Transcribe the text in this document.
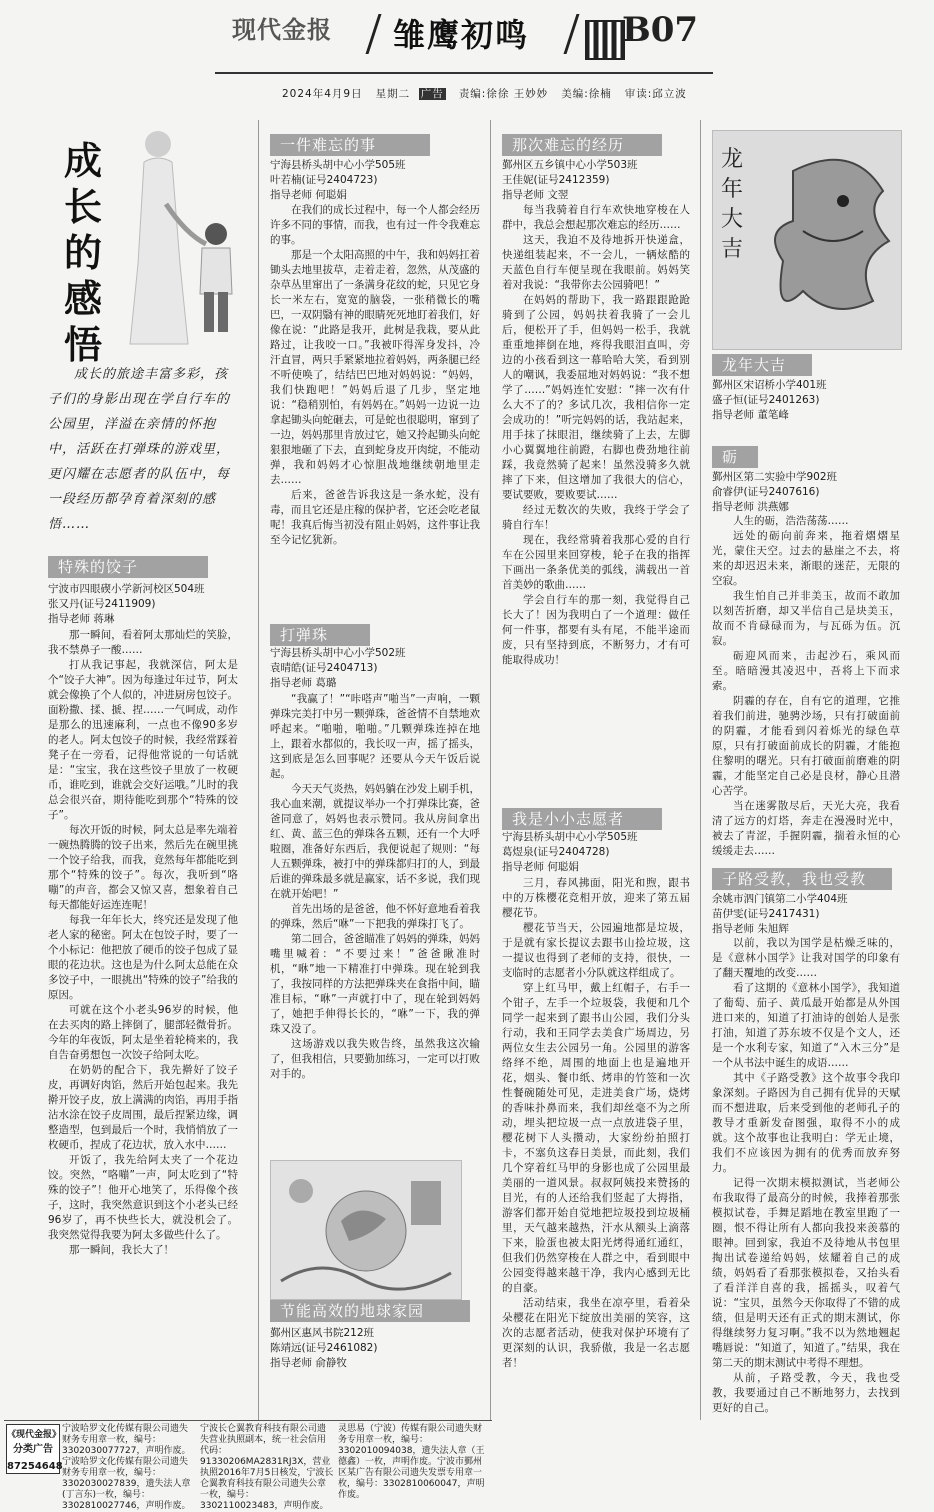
现代金报 雏鹰初鸣	B07
2024年4月9日 星期二 广告 责编:徐徐 王妙妙 美编:徐楠 审读:邱立波
成长的感悟
成长的旅途丰富多彩，孩子们的身影出现在学自行车的公园里，洋溢在亲情的怀抱中，活跃在打弹珠的游戏里，更闪耀在志愿者的队伍中，每一段经历都孕育着深刻的感悟……
特殊的饺子
宁波市四眼碶小学新河校区504班
张又丹(证号2411909)
指导老师 蒋琳

那一瞬间，看着阿太那灿烂的笑脸，我不禁鼻子一酸……

打从我记事起，我就深信，阿太是个“饺子大神”。因为每逢过年过节，阿太就会像换了个人似的，冲进厨房包饺子。面粉撒、揉、搋、捏……一气呵成，动作是那么的迅速麻利，一点也不像90多岁的老人。阿太包饺子的时候，我经常踩着凳子在一旁看，记得他常说的一句话就是：“宝宝，我在这些饺子里放了一枚硬币，谁吃到，谁就会交好运哦。”儿时的我总会很兴奋，期待能吃到那个“特殊的饺子”。

每次开饭的时候，阿太总是率先端着一碗热腾腾的饺子出来，然后先在碗里挑一个饺子给我，而我，竟然每年都能吃到那个“特殊的饺子”。每次，我听到“咯嘣”的声音，都会又惊又喜，想象着自己每天都能好运连连呢！

每我一年年长大，终究还是发现了他老人家的秘密。阿太在包饺子时，要了一个小标记：他把放了硬币的饺子包成了显眼的花边状。这也是为什么阿太总能在众多饺子中，一眼挑出“特殊的饺子”给我的原因。

可就在这个小老头96岁的时候，他在去买肉的路上摔倒了，腿部轻微骨折。今年的年夜饭，阿太是坐着轮椅来的，我自告奋勇想包一次饺子给阿太吃。

在奶奶的配合下，我先擀好了饺子皮，再调好肉馅，然后开始包起来。我先擀开饺子皮，放上满满的肉馅，再用手指沾水涂在饺子皮周围，最后捏紧边缘，调整造型，包到最后一个时，我悄悄放了一枚硬币，捏成了花边状，放入水中……

开饭了，我先给阿太夹了一个花边饺。突然，“咯嘣”一声，阿太吃到了“特殊的饺子”！他开心地笑了，乐得像个孩子，这时，我突然意识到这个小老头已经96岁了，再不快些长大，就没机会了。我突然觉得我要为阿太多做些什么了。

那一瞬间，我长大了！

一件难忘的事
宁海县桥头胡中心小学505班
叶若楠(证号2404723)
指导老师 何聪娟

在我们的成长过程中，每一个人都会经历许多不同的事情，而我，也有过一件令我难忘的事。

那是一个太阳高照的中午，我和妈妈扛着锄头去地里拔草，走着走着，忽然，从茂盛的杂草丛里窜出了一条满身花纹的蛇，只见它身长一米左右，宽宽的脑袋，一张稍微长的嘴巴，一双阴翳有神的眼睛死死地盯着我们，好像在说：“此路是我开，此树是我栽，要从此路过，让我咬一口。”我被吓得浑身发抖，冷汗直冒，两只手紧紧地拉着妈妈，两条腿已经不听使唤了，结结巴巴地对妈妈说：“妈妈，我们快跑吧！”妈妈后退了几步，坚定地说：“稳稍别怕，有妈妈在。”妈妈一边说一边拿起锄头向蛇砸去，可是蛇也很聪明，窜到了一边，妈妈那里肯放过它，她又拎起锄头向蛇狠狠地砸了下去，直到蛇身皮开肉绽，不能动弹，我和妈妈才心惊胆战地继续朝地里走去……

后来，爸爸告诉我这是一条水蛇，没有毒，而且它还是庄稼的保护者，它还会吃老鼠呢！我真后悔当初没有阻止妈妈，这件事让我至今记忆犹新。

打弹珠
宁海县桥头胡中心小学502班
袁晴皓(证号2404713)
指导老师 葛璐

“我赢了！”“咔嗒声”啪当”一声响，一颗弹珠完美打中另一颗弹珠，爸爸情不自禁地欢呼起来。“啪啪，啪啪。”几颗弹珠连掉在地上，跟着水都似的，我长叹一声，摇了摇头，这到底是怎么回事呢？还要从今天午饭后说起。

今天天气炎热，妈妈躺在沙发上刷手机，我心血来潮，就提议举办一个打弹珠比赛，爸爸同意了，妈妈也表示赞同。我从房间拿出红、黄、蓝三色的弹珠各五颗，还有一个大呼啦圈，准备好东西后，我便说起了规则：“每人五颗弹珠，被打中的弹珠都归打的人，到最后谁的弹珠最多就是赢家，话不多说，我们现在就开始吧！”

首先出场的是爸爸，他不怀好意地看着我的弹珠，然后“咻”一下把我的弹珠打飞了。

第二回合，爸爸瞄准了妈妈的弹珠，妈妈嘴里喊着：“不要过来！”爸爸瞅准时机，“咻”地一下精准打中弹珠。现在轮到我了，我按同样的方法把弹珠夹在食指中间，瞄准目标，“咻”一声就打中了，现在轮到妈妈了，她把手伸得长长的，“咻”一下，我的弹珠又没了。

这场游戏以我失败告终，虽然我这次输了，但我相信，只要勤加练习，一定可以打败对手的。

节能高效的地球家园
鄞州区惠风书院212班
陈靖远(证号2461082)
指导老师 俞静牧
那次难忘的经历
鄞州区五乡镇中心小学503班
王佳妮(证号2412359)
指导老师 文翌

每当我骑着自行车欢快地穿梭在人群中，我总会想起那次难忘的经历……

这天，我迫不及待地拆开快递盒，快递组装起来，不一会儿，一辆炫酷的天蓝色自行车便呈现在我眼前。妈妈笑着对我说：“我带你去公园骑吧！”

在妈妈的帮助下，我一路跟跟跄跄骑到了公园，妈妈扶着我骑了一会儿后，便松开了手，但妈妈一松手，我就重重地摔倒在地，疼得我眼泪直叫，旁边的小孩看到这一幕哈哈大笑，看到别人的嘲讽，我委屈地对妈妈说：“我不想学了……”妈妈连忙安慰：“摔一次有什么大不了的？多试几次，我相信你一定会成功的！”听完妈妈的话，我站起来，用手抹了抹眼泪，继续骑了上去，左脚小心翼翼地往前蹬，右脚也费劲地往前踩，我竟然骑了起来！虽然没骑多久就摔了下来，但这增加了我很大的信心，要试要败，要败要试……

经过无数次的失败，我终于学会了骑自行车！

现在，我经常骑着我那心爱的自行车在公园里来回穿梭，轮子在我的指挥下画出一条条优美的弧线，满载出一首首美妙的歌曲……

学会自行车的那一刻，我觉得自己长大了！因为我明白了一个道理：做任何一件事，都要有头有尾，不能半途而废，只有坚持到底，不断努力，才有可能取得成功！

我是小小志愿者
宁海县桥头胡中心小学505班
葛煜泉(证号2404728)
指导老师 何聪娟

三月，春风拂面，阳光和煦，跟书中的万株樱花竞相开放，迎来了第五届樱花节。

樱花节当天，公园遍地都是垃圾，于是就有家长提议去跟书山捡垃圾，这一提议也得到了老师的支持，很快，一支临时的志愿者小分队就这样组成了。

穿上红马甲，戴上红帽子，右手一个钳子，左手一个垃圾袋，我便和几个同学一起来到了跟书山公园，我们分头行动，我和王同学去美食广场周边，另两位女生去公园另一角。公园里的游客络绎不绝，周围的地面上也是遍地开花，烟头、餐巾纸、烤串的竹签和一次性餐碗随处可见，走进美食广场，烧烤的香味扑鼻而来，我们却丝毫不为之所动，埋头把垃圾一点一点放进袋子里，樱花树下人头攒动，大家纷纷拍照打卡，不塞负这春日美景，而此刻，我们几个穿着红马甲的身影也成了公园里最美丽的一道风景。叔叔阿姨投来赞扬的目光，有的人还给我们竖起了大拇指，游客们都开始自觉地把垃圾投到垃圾桶里，天气越来越热，汗水从额头上滴落下来，脸蛋也被太阳光烤得通红通红，但我们仍然穿梭在人群之中，看到眼中公园变得越来越干净，我内心感到无比的自豪。

活动结束，我坐在凉亭里，看着朵朵樱花在阳光下绽放出美丽的笑容，这次的志愿者活动，使我对保护环境有了更深刻的认识，我骄傲，我是一名志愿者！

龙年大吉
龙年大吉
鄞州区宋诏桥小学401班
盛子恒(证号2401263)
指导老师 董笔峰
砺
鄞州区第二实验中学902班
俞睿伊(证号2407616)
指导老师 洪燕娜

人生的砺，浩浩荡荡……

远处的砺向前奔来，拖着熠熠星光，蒙住天空。过去的悬崖之不去，将来的却迟迟未来，渐眼的迷茫，无限的空寂。

我生怕自己并非美玉，故而不敢加以刻苦折磨，却又半信自己是块美玉，故而不肯碌碌而为，与瓦砾为伍。沉寂。

砺迎风而来，击起沙石，乘风而至。暗暗漫其凌迟中，吾将上下而求索。

阴霾的存在，自有它的道理，它推着我们前进，驰骋沙场，只有打破面前的阴霾，才能看到闪着烁光的绿色草原，只有打破面前成长的阴霾，才能抱住黎明的曙光。只有打破面前磨难的阴霾，才能坚定自己必是良材，静心且潜心苦学。

当在迷雾散尽后，天光大亮，我看清了远方的灯塔，奔走在漫漫时光中，被去了青涩，手握阴霾，揣着永恒的心缓缓走去……

子路受教，我也受教
余姚市泗门镇第二小学404班
苗伊雯(证号2417431)
指导老师 朱旭辉

以前，我以为国学是枯燥乏味的，是《意林小国学》让我对国学的印象有了翻天覆地的改变……

看了这期的《意林小国学》，我知道了葡萄、茄子、黄瓜最开始都是从外国进口来的，知道了打油诗的创始人是张打油，知道了苏东坡不仅是个文人，还是一个水利专家，知道了“入木三分”是一个从书法中诞生的成语……

其中《子路受教》这个故事令我印象深刻。子路因为自己拥有优异的天赋而不想进取，后来受到他的老师孔子的教导才重新发奋图强，取得不小的成就。这个故事也让我明白：学无止境，我们不应该因为拥有的优秀而放弃努力。

记得一次期末模拟测试，当老师公布我取得了最高分的时候，我捧着那张模拟试卷，手舞足蹈地在教室里跑了一圈，恨不得让所有人都向我投来羡慕的眼神。回到家，我迫不及待地从书包里掏出试卷递给妈妈，炫耀着自己的成绩，妈妈看了看那张模拟卷，又抬头看了看洋洋自喜的我，摇摇头，叹着气说：“宝贝，虽然今天你取得了不错的成绩，但是明天还有正式的期末测试，你得继续努力复习啊。”我不以为然地翘起嘴唇说：“知道了，知道了。”结果，我在第二天的期末测试中考得不理想。

从前，子路受教，今天，我也受教，我要通过自己不断地努力，去找到更好的自己。

《现代金报》
分类广告
87254648
宁波哈罗文化传媒有限公司遗失财务专用章一枚，编号：3302030077727，声明作废。宁波哈罗文化传媒有限公司遗失财务专用章一枚，编号：3302030027839，遗失法人章(丁言东)一枚，编号：3302810027746，声明作废。
宁波长仑翼教育科技有限公司遗失营业执照副本，统一社会信用代码：91330206MA2831RJ3X，营业执照2016年7月5日核发，宁波长仑翼教育科技有限公司遗失公章一枚，编号：3302110023483，声明作废。
灵思易（宁波）传媒有限公司遗失财务专用章一枚，编号：3302010094038，遗失法人章（王德鑫）一枚，声明作废。宁波市鄞州区某广告有限公司遗失发票专用章一枚，编号：3302810060047，声明作废。
